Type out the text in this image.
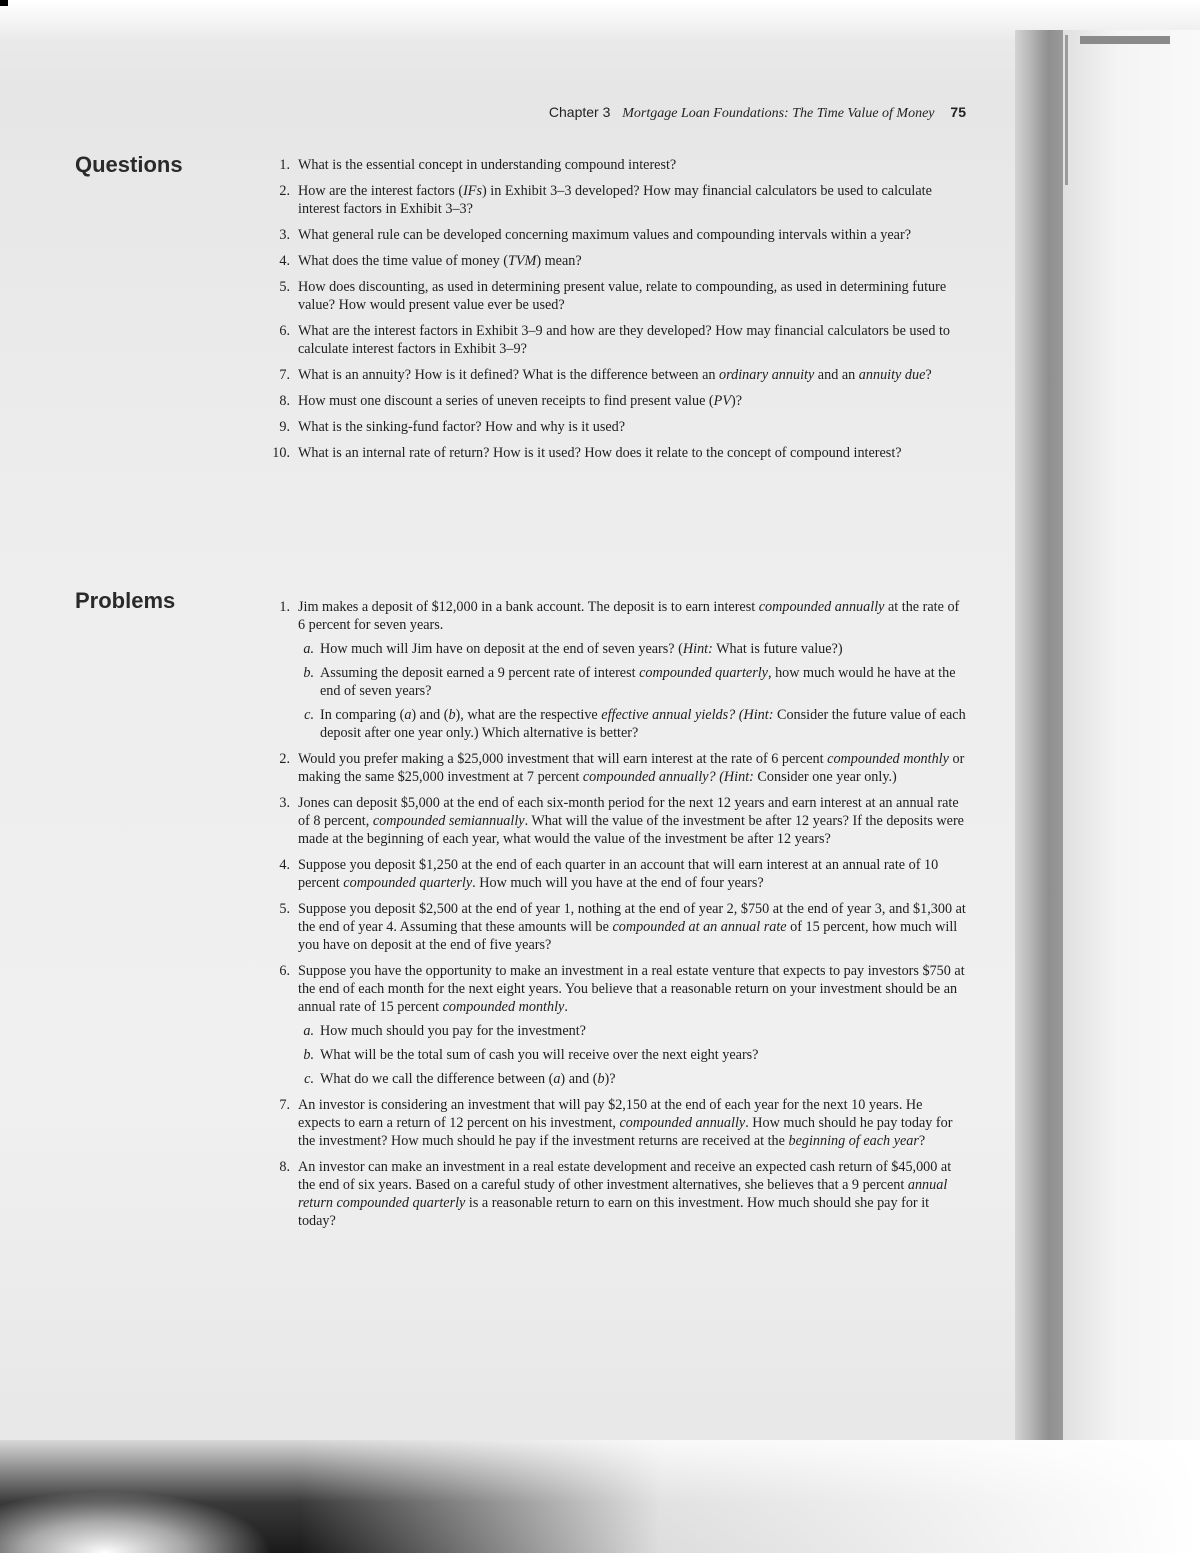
Chapter 3 Mortgage Loan Foundations: The Time Value of Money 75
Questions	1. What is the essential concept in understanding compound interest?
2. How are the interest factors (IFs) in Exhibit 3–3 developed? How may financial calculators be used to calculate interest factors in Exhibit 3–3?
3. What general rule can be developed concerning maximum values and compounding intervals within a year?
4. What does the time value of money (TVM) mean?
5. How does discounting, as used in determining present value, relate to compounding, as used in determining future value? How would present value ever be used?
6. What are the interest factors in Exhibit 3–9 and how are they developed? How may financial calculators be used to calculate interest factors in Exhibit 3–9?
7. What is an annuity? How is it defined? What is the difference between an ordinary annuity and an annuity due?
8. How must one discount a series of uneven receipts to find present value (PV)?
9. What is the sinking-fund factor? How and why is it used?
10. What is an internal rate of return? How is it used? How does it relate to the concept of compound interest?
Problems	1. Jim makes a deposit of $12,000 in a bank account. The deposit is to earn interest compounded annually at the rate of 6 percent for seven years.
a. How much will Jim have on deposit at the end of seven years? (Hint: What is future value?)
b. Assuming the deposit earned a 9 percent rate of interest compounded quarterly, how much would he have at the end of seven years?
c. In comparing (a) and (b), what are the respective effective annual yields? (Hint: Consider the future value of each deposit after one year only.) Which alternative is better?
2. Would you prefer making a $25,000 investment that will earn interest at the rate of 6 percent compounded monthly or making the same $25,000 investment at 7 percent compounded annually? (Hint: Consider one year only.)
3. Jones can deposit $5,000 at the end of each six-month period for the next 12 years and earn interest at an annual rate of 8 percent, compounded semiannually. What will the value of the investment be after 12 years? If the deposits were made at the beginning of each year, what would the value of the investment be after 12 years?
4. Suppose you deposit $1,250 at the end of each quarter in an account that will earn interest at an annual rate of 10 percent compounded quarterly. How much will you have at the end of four years?
5. Suppose you deposit $2,500 at the end of year 1, nothing at the end of year 2, $750 at the end of year 3, and $1,300 at the end of year 4. Assuming that these amounts will be compounded at an annual rate of 15 percent, how much will you have on deposit at the end of five years?
6. Suppose you have the opportunity to make an investment in a real estate venture that expects to pay investors $750 at the end of each month for the next eight years. You believe that a reasonable return on your investment should be an annual rate of 15 percent compounded monthly.
a. How much should you pay for the investment?
b. What will be the total sum of cash you will receive over the next eight years?
c. What do we call the difference between (a) and (b)?
7. An investor is considering an investment that will pay $2,150 at the end of each year for the next 10 years. He expects to earn a return of 12 percent on his investment, compounded annually. How much should he pay today for the investment? How much should he pay if the investment returns are received at the beginning of each year?
8. An investor can make an investment in a real estate development and receive an expected cash return of $45,000 at the end of six years. Based on a careful study of other investment alternatives, she believes that a 9 percent annual return compounded quarterly is a reasonable return to earn on this investment. How much should she pay for it today?
